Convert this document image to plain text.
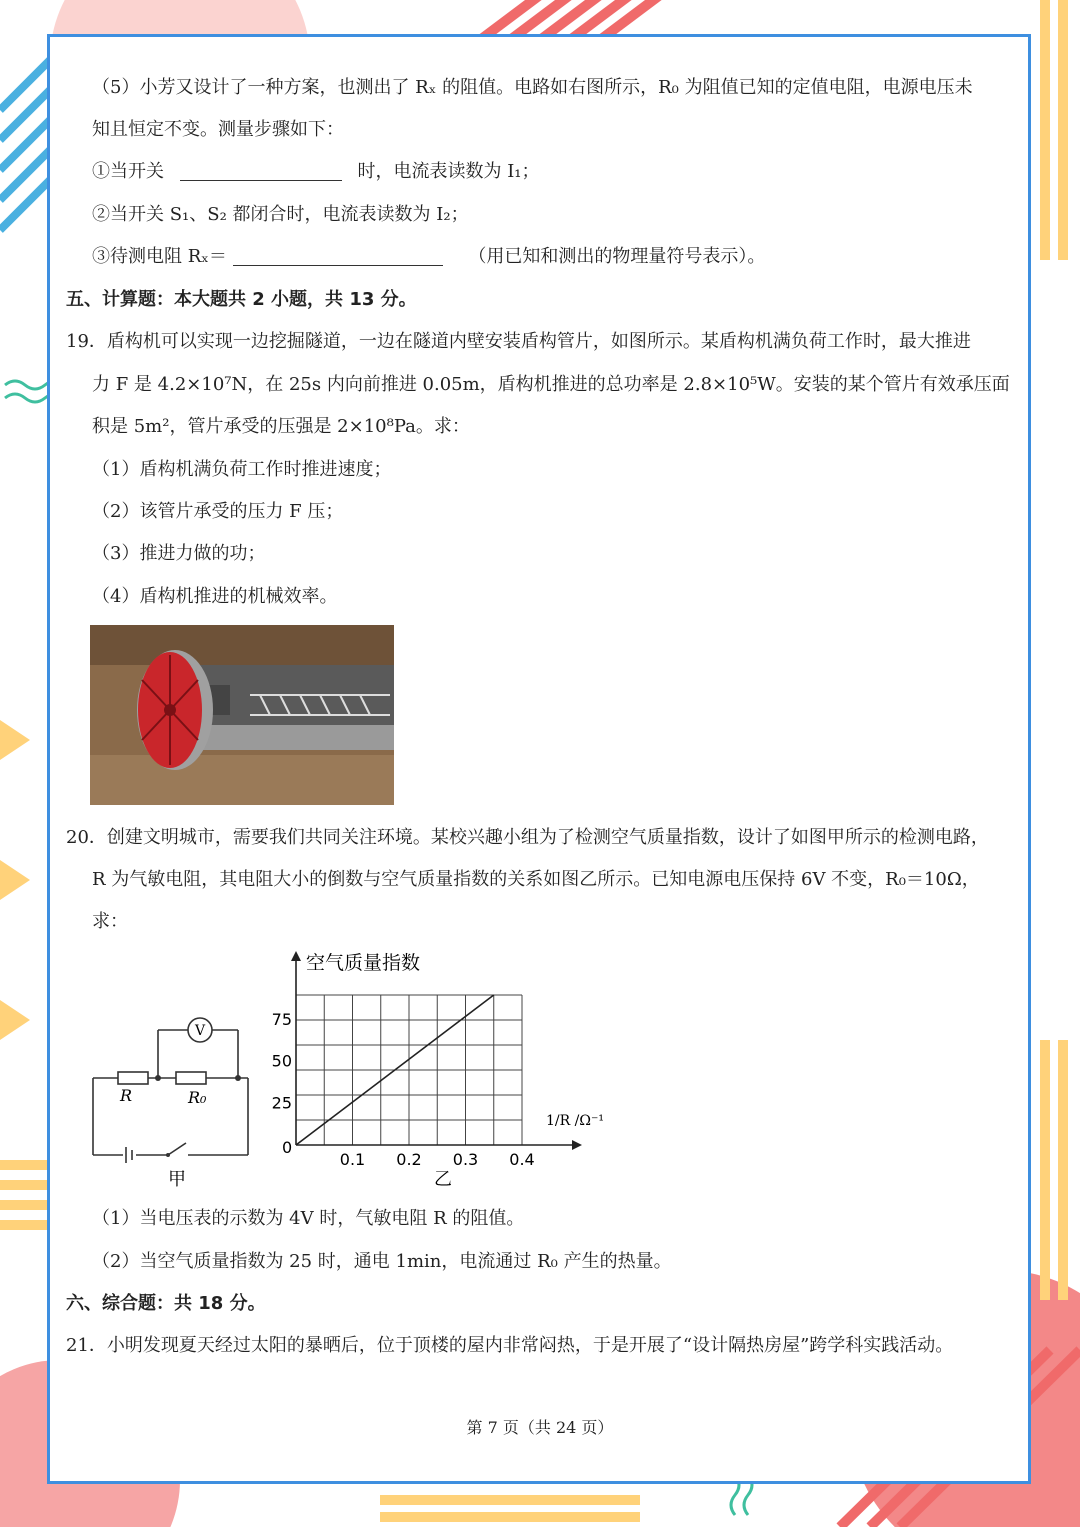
（5）小芳又设计了一种方案，也测出了 Rₓ 的阻值。电路如右图所示，R₀ 为阻值已知的定值电阻，电源电压未
知且恒定不变。测量步骤如下：
①当开关	时，电流表读数为 I₁；
②当开关 S₁、S₂ 都闭合时，电流表读数为 I₂；
③待测电阻 Rₓ＝	（用已知和测出的物理量符号表示）。
五、计算题：本大题共 2 小题，共 13 分。
19．盾构机可以实现一边挖掘隧道，一边在隧道内壁安装盾构管片，如图所示。某盾构机满负荷工作时，最大推进
力 F 是 4.2×10⁷N，在 25s 内向前推进 0.05m，盾构机推进的总功率是 2.8×10⁵W。安装的某个管片有效承压面
积是 5m²，管片承受的压强是 2×10⁸Pa。求：
（1）盾构机满负荷工作时推进速度；
（2）该管片承受的压力 F 压；
（3）推进力做的功；
（4）盾构机推进的机械效率。
20．创建文明城市，需要我们共同关注环境。某校兴趣小组为了检测空气质量指数，设计了如图甲所示的检测电路，
R 为气敏电阻，其电阻大小的倒数与空气质量指数的关系如图乙所示。已知电源电压保持 6V 不变，R₀＝10Ω，
求：
V
R	R₀
甲
空气质量指数
0
1/R /Ω⁻¹
0.1 0.2 0.3 0.4
25
50
75
乙
（1）当电压表的示数为 4V 时，气敏电阻 R 的阻值。
（2）当空气质量指数为 25 时，通电 1min，电流通过 R₀ 产生的热量。
六、综合题：共 18 分。
21．小明发现夏天经过太阳的暴晒后，位于顶楼的屋内非常闷热，于是开展了“设计隔热房屋”跨学科实践活动。
第 7 页（共 24 页）
